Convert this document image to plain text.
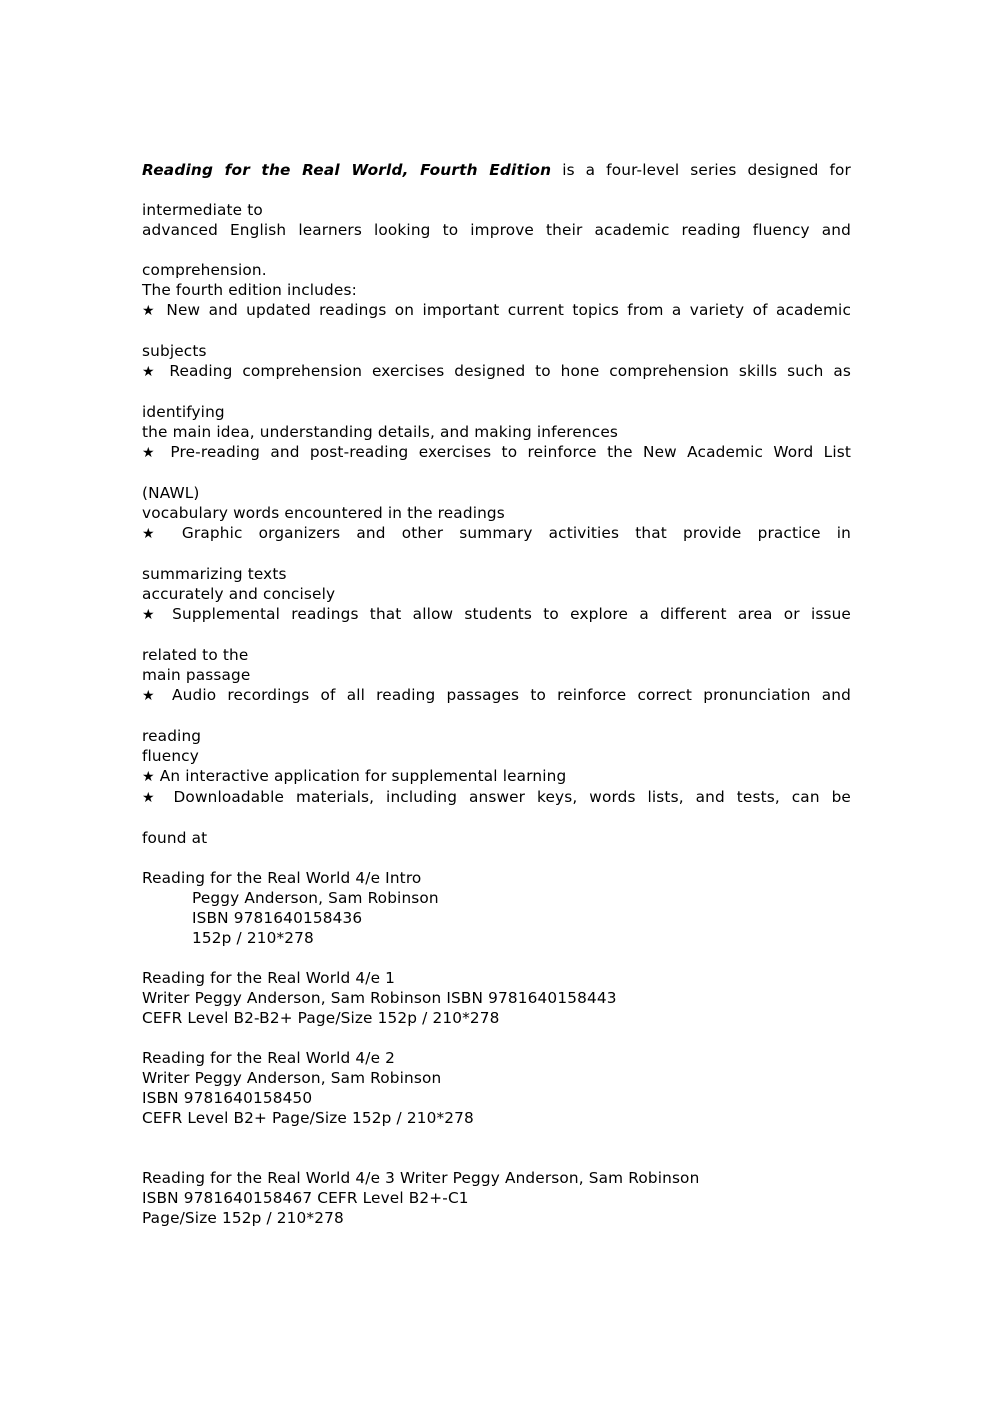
Reading for the Real World, Fourth Edition is a four-level series designed for
intermediate to
advanced English learners looking to improve their academic reading fluency and
comprehension.
The fourth edition includes:
★ New and updated readings on important current topics from a variety of academic
subjects
★ Reading comprehension exercises designed to hone comprehension skills such as
identifying
the main idea, understanding details, and making inferences
★ Pre-reading and post-reading exercises to reinforce the New Academic Word List
(NAWL)
vocabulary words encountered in the readings
★ Graphic organizers and other summary activities that provide practice in
summarizing texts
accurately and concisely
★ Supplemental readings that allow students to explore a different area or issue
related to the
main passage
★ Audio recordings of all reading passages to reinforce correct pronunciation and
reading
fluency
★ An interactive application for supplemental learning
★ Downloadable materials, including answer keys, words lists, and tests, can be
found at

Reading for the Real World 4/e Intro
Peggy Anderson, Sam Robinson
ISBN 9781640158436
152p / 210*278

Reading for the Real World 4/e 1
Writer Peggy Anderson, Sam Robinson ISBN 9781640158443
CEFR Level B2-B2+ Page/Size 152p / 210*278

Reading for the Real World 4/e 2
Writer Peggy Anderson, Sam Robinson
ISBN 9781640158450
CEFR Level B2+ Page/Size 152p / 210*278

Reading for the Real World 4/e 3 Writer Peggy Anderson, Sam Robinson
ISBN 9781640158467 CEFR Level B2+-C1
Page/Size 152p / 210*278
